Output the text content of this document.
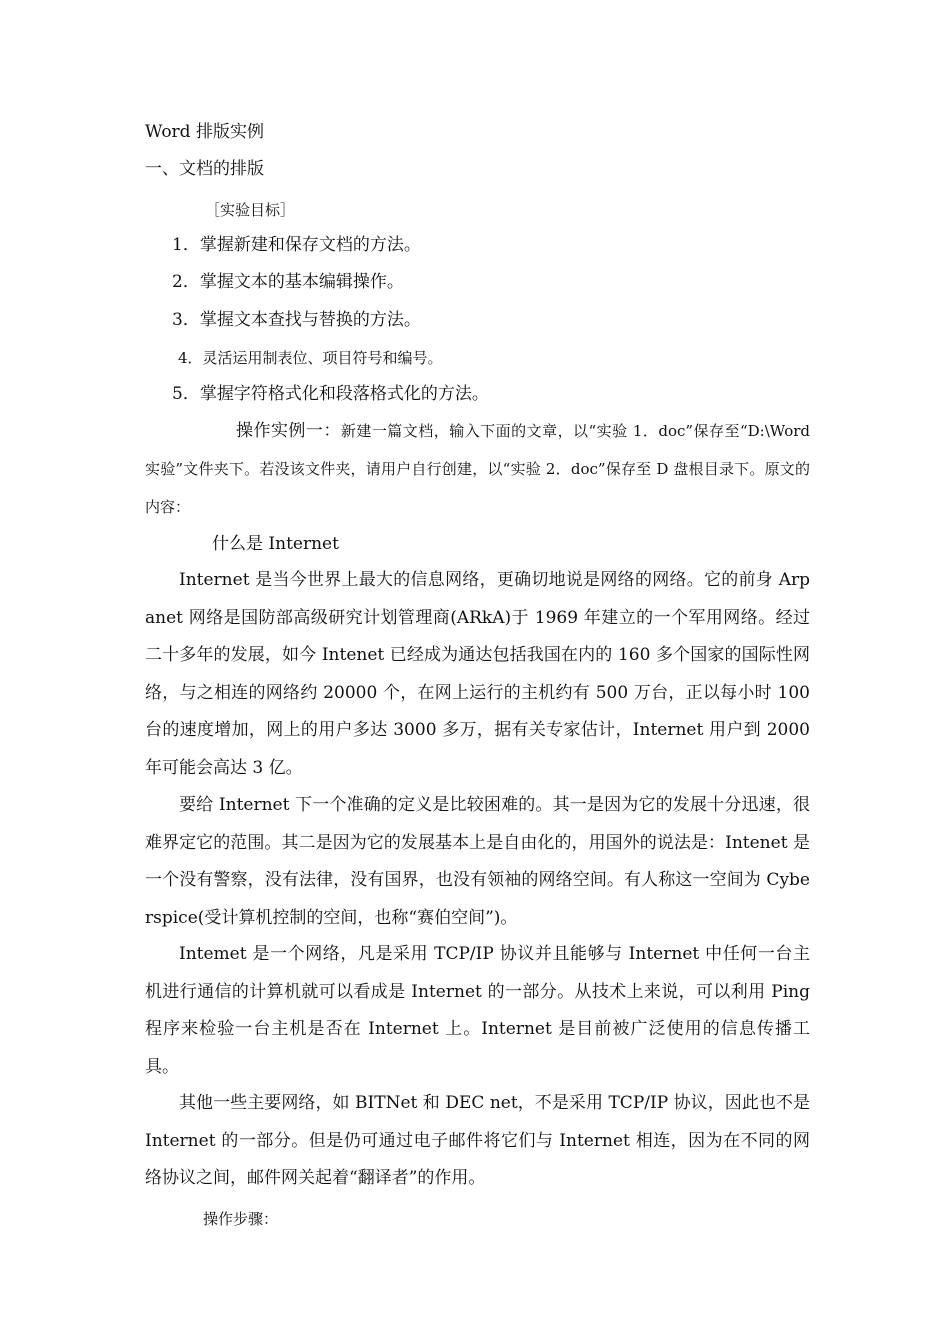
Word 排版实例
一、文档的排版
［实验目标］
1．掌握新建和保存文档的方法。
2．掌握文本的基本编辑操作。
3．掌握文本查找与替换的方法。
4．灵活运用制表位、项目符号和编号。
5．掌握字符格式化和段落格式化的方法。
操作实例一：新建一篇文档，输入下面的文章，以“实验 1．doc”保存至“D:\Word 实验”文件夹下。若没该文件夹，请用户自行创建，以“实验 2．doc”保存至 D 盘根目录下。原文的内容：
什么是 Internet
Internet 是当今世界上最大的信息网络，更确切地说是网络的网络。它的前身 Arpanet 网络是国防部高级研究计划管理商(ARkA)于 1969 年建立的一个军用网络。经过二十多年的发展，如今 Intenet 已经成为通达包括我国在内的 160 多个国家的国际性网络，与之相连的网络约 20000 个，在网上运行的主机约有 500 万台，正以每小时 100 台的速度增加，网上的用户多达 3000 多万，据有关专家估计，Internet 用户到 2000 年可能会高达 3 亿。
要给 Internet 下一个准确的定义是比较困难的。其一是因为它的发展十分迅速，很难界定它的范围。其二是因为它的发展基本上是自由化的，用国外的说法是：Intenet 是一个没有警察，没有法律，没有国界，也没有领袖的网络空间。有人称这一空间为 Cyberspice(受计算机控制的空间，也称“赛伯空间”)。
Intemet 是一个网络，凡是采用 TCP/IP 协议并且能够与 Internet 中任何一台主机进行通信的计算机就可以看成是 Internet 的一部分。从技术上来说，可以利用 Ping 程序来检验一台主机是否在 Internet 上。Internet 是目前被广泛使用的信息传播工具。
其他一些主要网络，如 BITNet 和 DEC net，不是采用 TCP/IP 协议，因此也不是 Internet 的一部分。但是仍可通过电子邮件将它们与 Internet 相连，因为在不同的网络协议之间，邮件网关起着“翻译者”的作用。
操作步骤：
